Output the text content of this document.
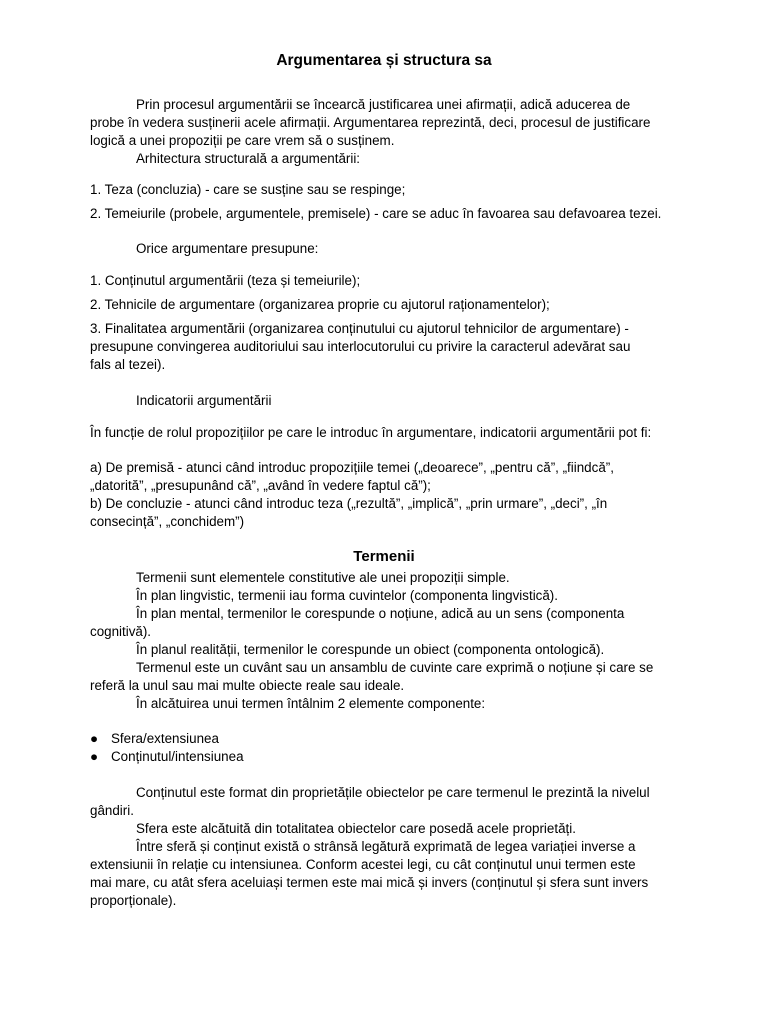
Argumentarea și structura sa
Prin procesul argumentării se încearcă justificarea unei afirmații, adică aducerea de
probe în vedera susținerii acele afirmații. Argumentarea reprezintă, deci, procesul de justificare
logică a unei propoziții pe care vrem să o susținem.
Arhitectura structurală a argumentării:
1. Teza (concluzia) - care se susține sau se respinge;
2. Temeiurile (probele, argumentele, premisele) - care se aduc în favoarea sau defavoarea tezei.
Orice argumentare presupune:
1. Conținutul argumentării (teza și temeiurile);
2. Tehnicile de argumentare (organizarea proprie cu ajutorul raționamentelor);
3. Finalitatea argumentării (organizarea conținutului cu ajutorul tehnicilor de argumentare) -
presupune convingerea auditoriului sau interlocutorului cu privire la caracterul adevărat sau
fals al tezei).
Indicatorii argumentării
În funcție de rolul propozițiilor pe care le introduc în argumentare, indicatorii argumentării pot fi:
a) De premisă - atunci când introduc propozițiile temei („deoarece”, „pentru că”, „fiindcă”,
„datorită”, „presupunând că”, „având în vedere faptul că”);
b) De concluzie - atunci când introduc teza („rezultă”, „implică”, „prin urmare”, „deci”, „în
consecință”, „conchidem”)
Termenii
Termenii sunt elementele constitutive ale unei propoziții simple.
În plan lingvistic, termenii iau forma cuvintelor (componenta lingvistică).
În plan mental, termenilor le corespunde o noțiune, adică au un sens (componenta
cognitivă).
În planul realității, termenilor le corespunde un obiect (componenta ontologică).
Termenul este un cuvânt sau un ansamblu de cuvinte care exprimă o noțiune și care se
referă la unul sau mai multe obiecte reale sau ideale.
În alcătuirea unui termen întâlnim 2 elemente componente:
● Sfera/extensiunea
● Conținutul/intensiunea
Conținutul este format din proprietățile obiectelor pe care termenul le prezintă la nivelul
gândiri.
Sfera este alcătuită din totalitatea obiectelor care posedă acele proprietăți.
Între sferă și conținut există o strânsă legătură exprimată de legea variației inverse a
extensiunii în relație cu intensiunea. Conform acestei legi, cu cât conținutul unui termen este
mai mare, cu atât sfera aceluiași termen este mai mică și invers (conținutul și sfera sunt invers
proporționale).
